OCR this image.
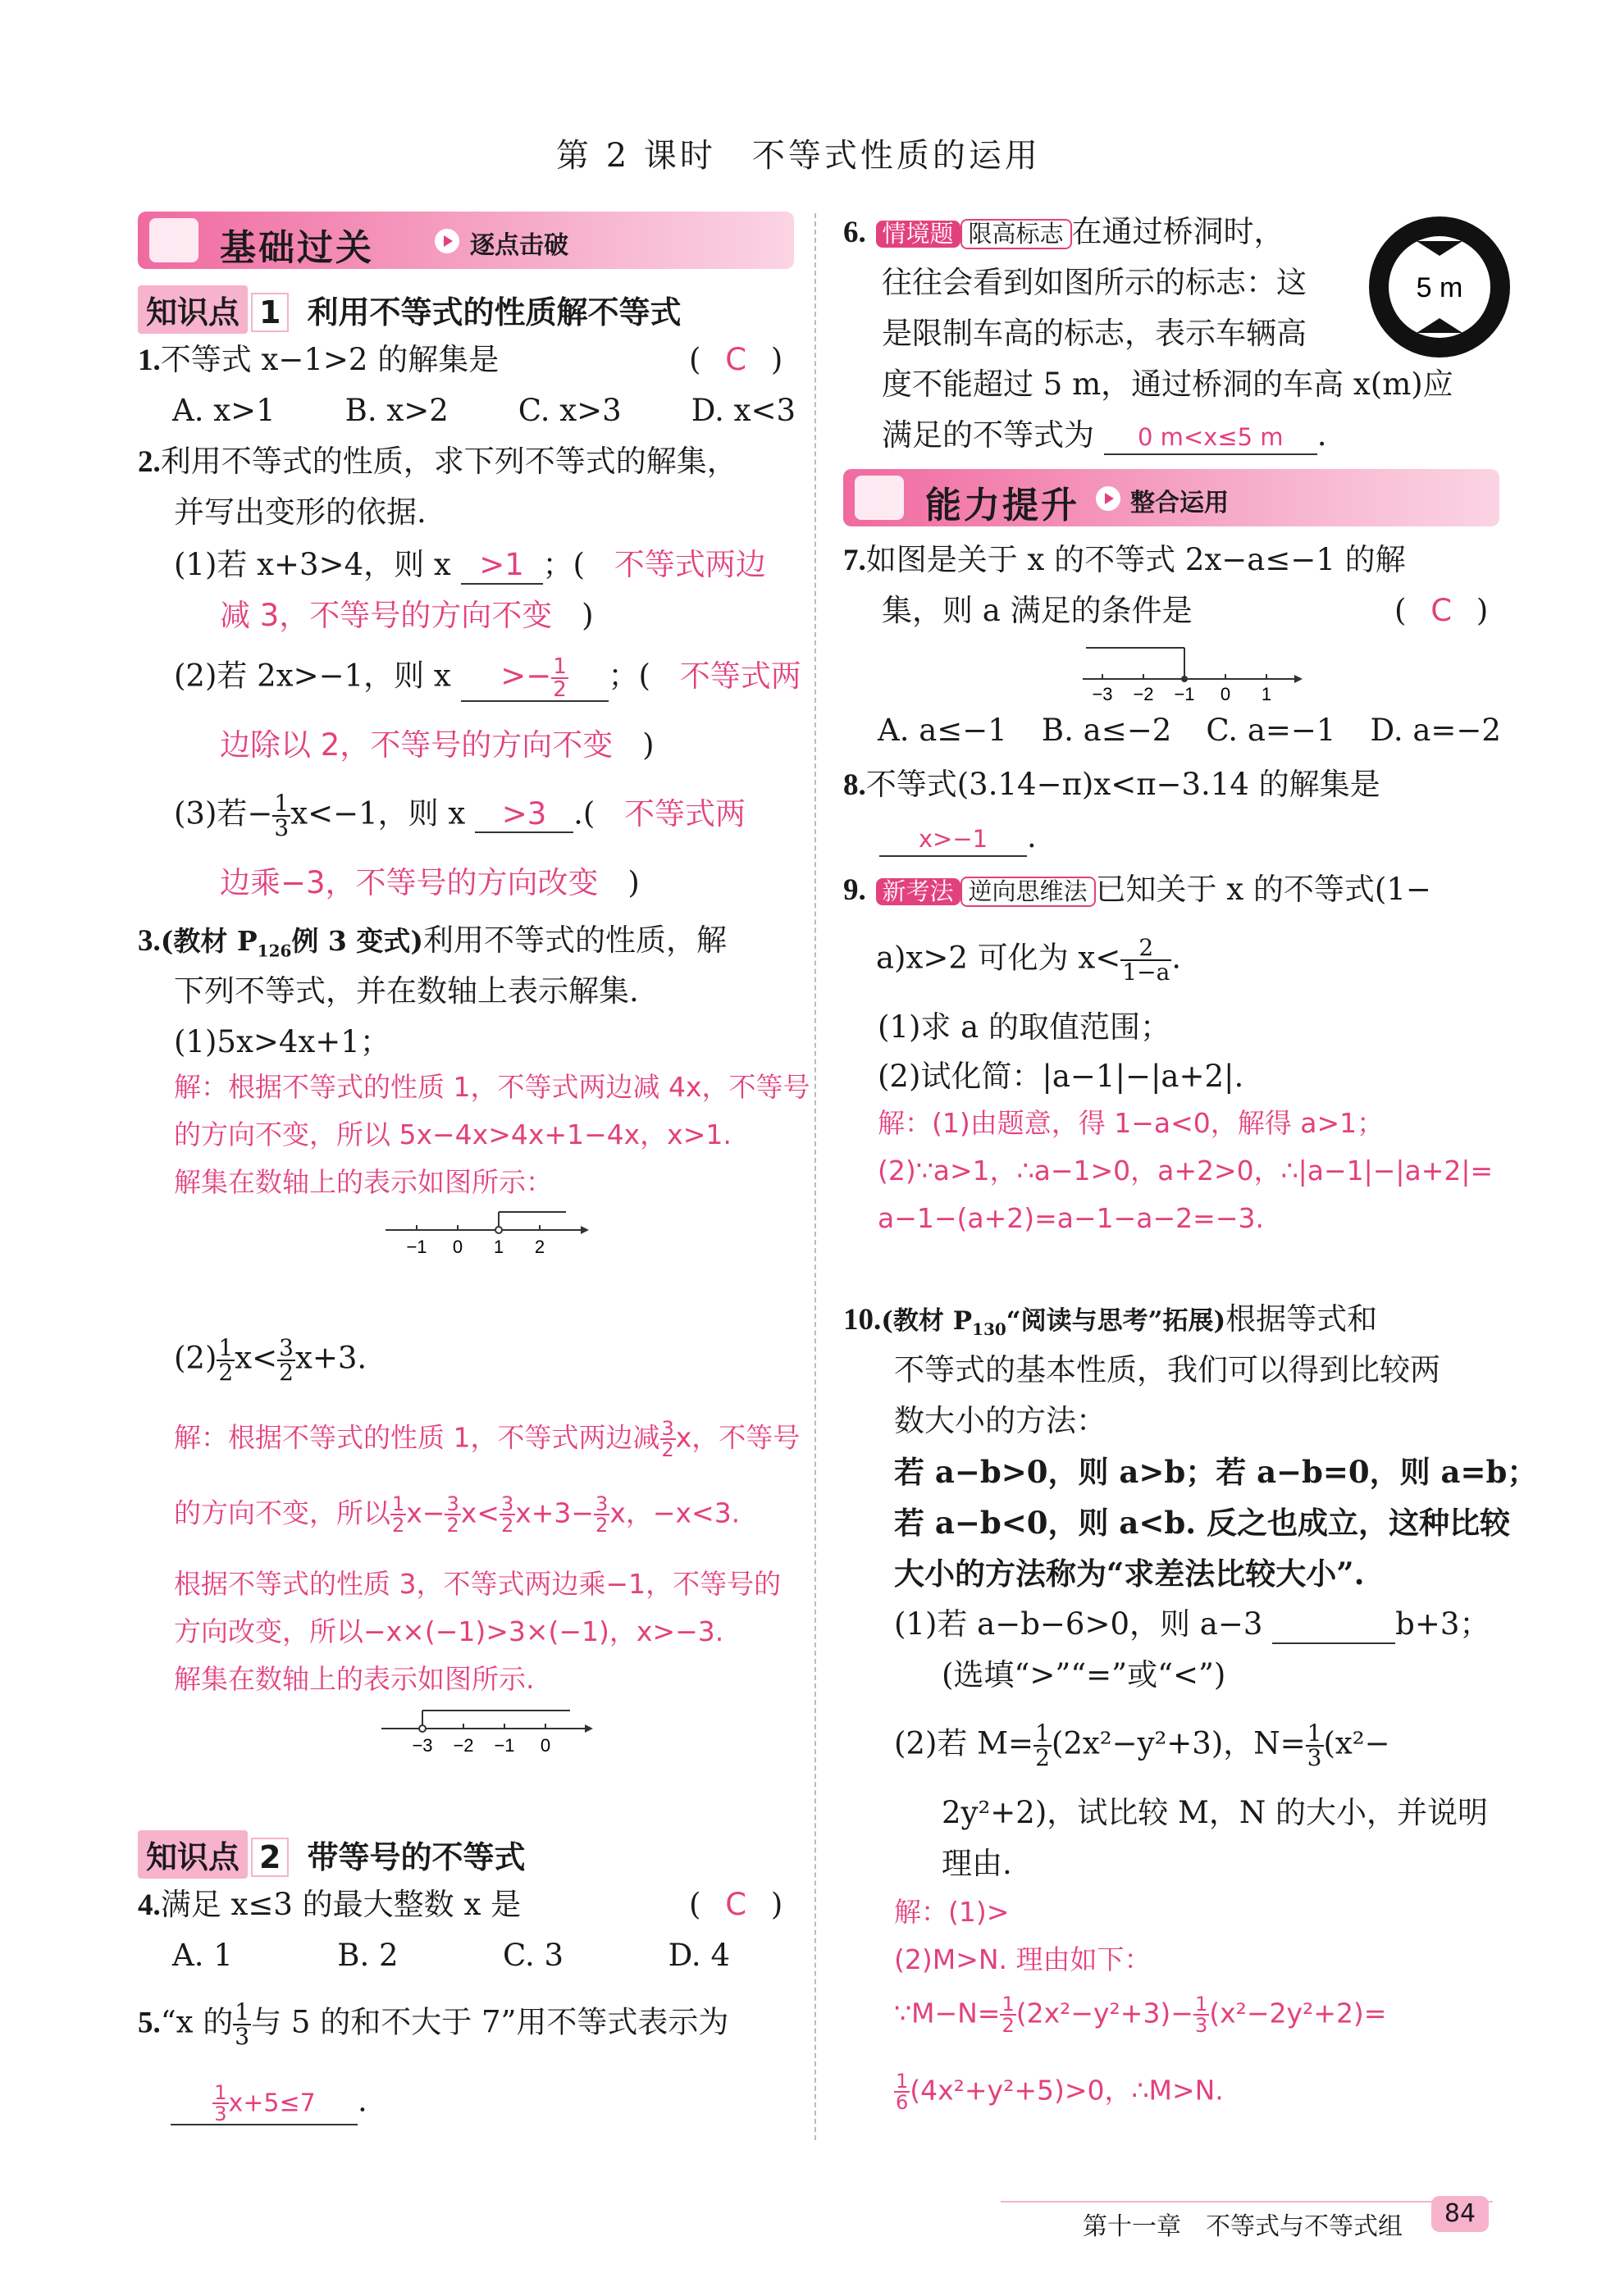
第 2 课时　不等式性质的运用
基础过关	逐点击破
知识点 1 利用不等式的性质解不等式
1.不等式 x−1>2 的解集是	( C )
A. x>1 B. x>2 C. x>3 D. x<3
2.利用不等式的性质，求下列不等式的解集，
并写出变形的依据.
(1)若 x+3>4，则 x >1 ；( 不等式两边
减 3，不等号的方向不变 )
(2)若 2x>−1，则 $x >- \frac{1}{2}$ ；( 不等式两
边除以 2，不等号的方向不变 )
(3)若− $\frac{1}{3} x<-1$，则 x >3 .( 不等式两
边乘−3，不等号的方向改变 )
3.(教材 $P_{126}$例 3 变式)利用不等式的性质，解
下列不等式，并在数轴上表示解集.
(1)5x>4x+1；
解：根据不等式的性质 1，不等式两边减 4x，不等号
的方向不变，所以 5x−4x>4x+1−4x，x>1.
解集在数轴上的表示如图所示：
−1 0 1 2
$(2) \frac{1}{2} x< \frac{3}{2} x+3$.
解：根据不等式的性质 1，不等式两边减 $\frac{3}{2}$ x，不等号
的方向不变，所以 $\frac{1}{2} x- \frac{3}{2} x< \frac{3}{2} x+3- \frac{3}{2}$ x，−x<3.
根据不等式的性质 3，不等式两边乘−1，不等号的
方向改变，所以−x×(−1)>3×(−1)，x>−3.
解集在数轴上的表示如图所示.
−3 −2 −1 0
知识点 2 带等号的不等式
4.满足 x≤3 的最大整数 x 是	( C )
A. 1	B. 2	C. 3	D. 4
5.“x 的 $\frac{1}{3}$ 与 5 的和不大于 7”用不等式表示为
$\frac{1}{3} x+5\le 7$ .
6. 情境题 限高标志 在通过桥洞时，
往往会看到如图所示的标志：这
是限制车高的标志，表示车辆高
度不能超过 5 m，通过桥洞的车高 x(m)应
满足的不等式为 0 m<x≤5 m .
5 m
能力提升 整合运用
7.如图是关于 x 的不等式 2x−a≤−1 的解
集，则 a 满足的条件是	( C )
−3 −2 −1 0 1
A. a≤−1 B. a≤−2 C. a=−1 D. a=−2
8.不等式(3.14−π)x<π−3.14 的解集是
x>−1 .
9. 新考法 逆向思维法 已知关于 x 的不等式(1−
a)x>2 可化为 $x< \frac{2}{1-a}$ .
(1)求 a 的取值范围；
(2)试化简：|a−1|−|a+2|.
解：(1)由题意，得 1−a<0，解得 a>1；
(2)∵a>1，∴a−1>0，a+2>0，∴|a−1|−|a+2|=
a−1−(a+2)=a−1−a−2=−3.
10.(教材 $P_{130}“$阅读与思考”拓展)根据等式和
不等式的基本性质，我们可以得到比较两
数大小的方法：
若 a−b>0，则 a>b；若 a−b=0，则 a=b；
若 a−b<0，则 a<b. 反之也成立，这种比较
大小的方法称为“求差法比较大小”.
(1)若 a−b−6>0，则 a−3	b+3；
(选填“>”“=”或“<”)
(2)若 $M= \frac{1}{2} (2x^2-y^2+3)$，$N= \frac{1}{3} (x^2-$
2y²+2)，试比较 M，N 的大小，并说明
理由.
解：(1)>
(2)M>N. 理由如下：
∵M−N= $\frac{1}{2} (2x^2-y^2+3)- \frac{1}{3} (x^2-2y^2+2)=$
$\frac{1}{6} (4x^2+y^2+5)>0$，∴M>N.
第十一章　不等式与不等式组	84
